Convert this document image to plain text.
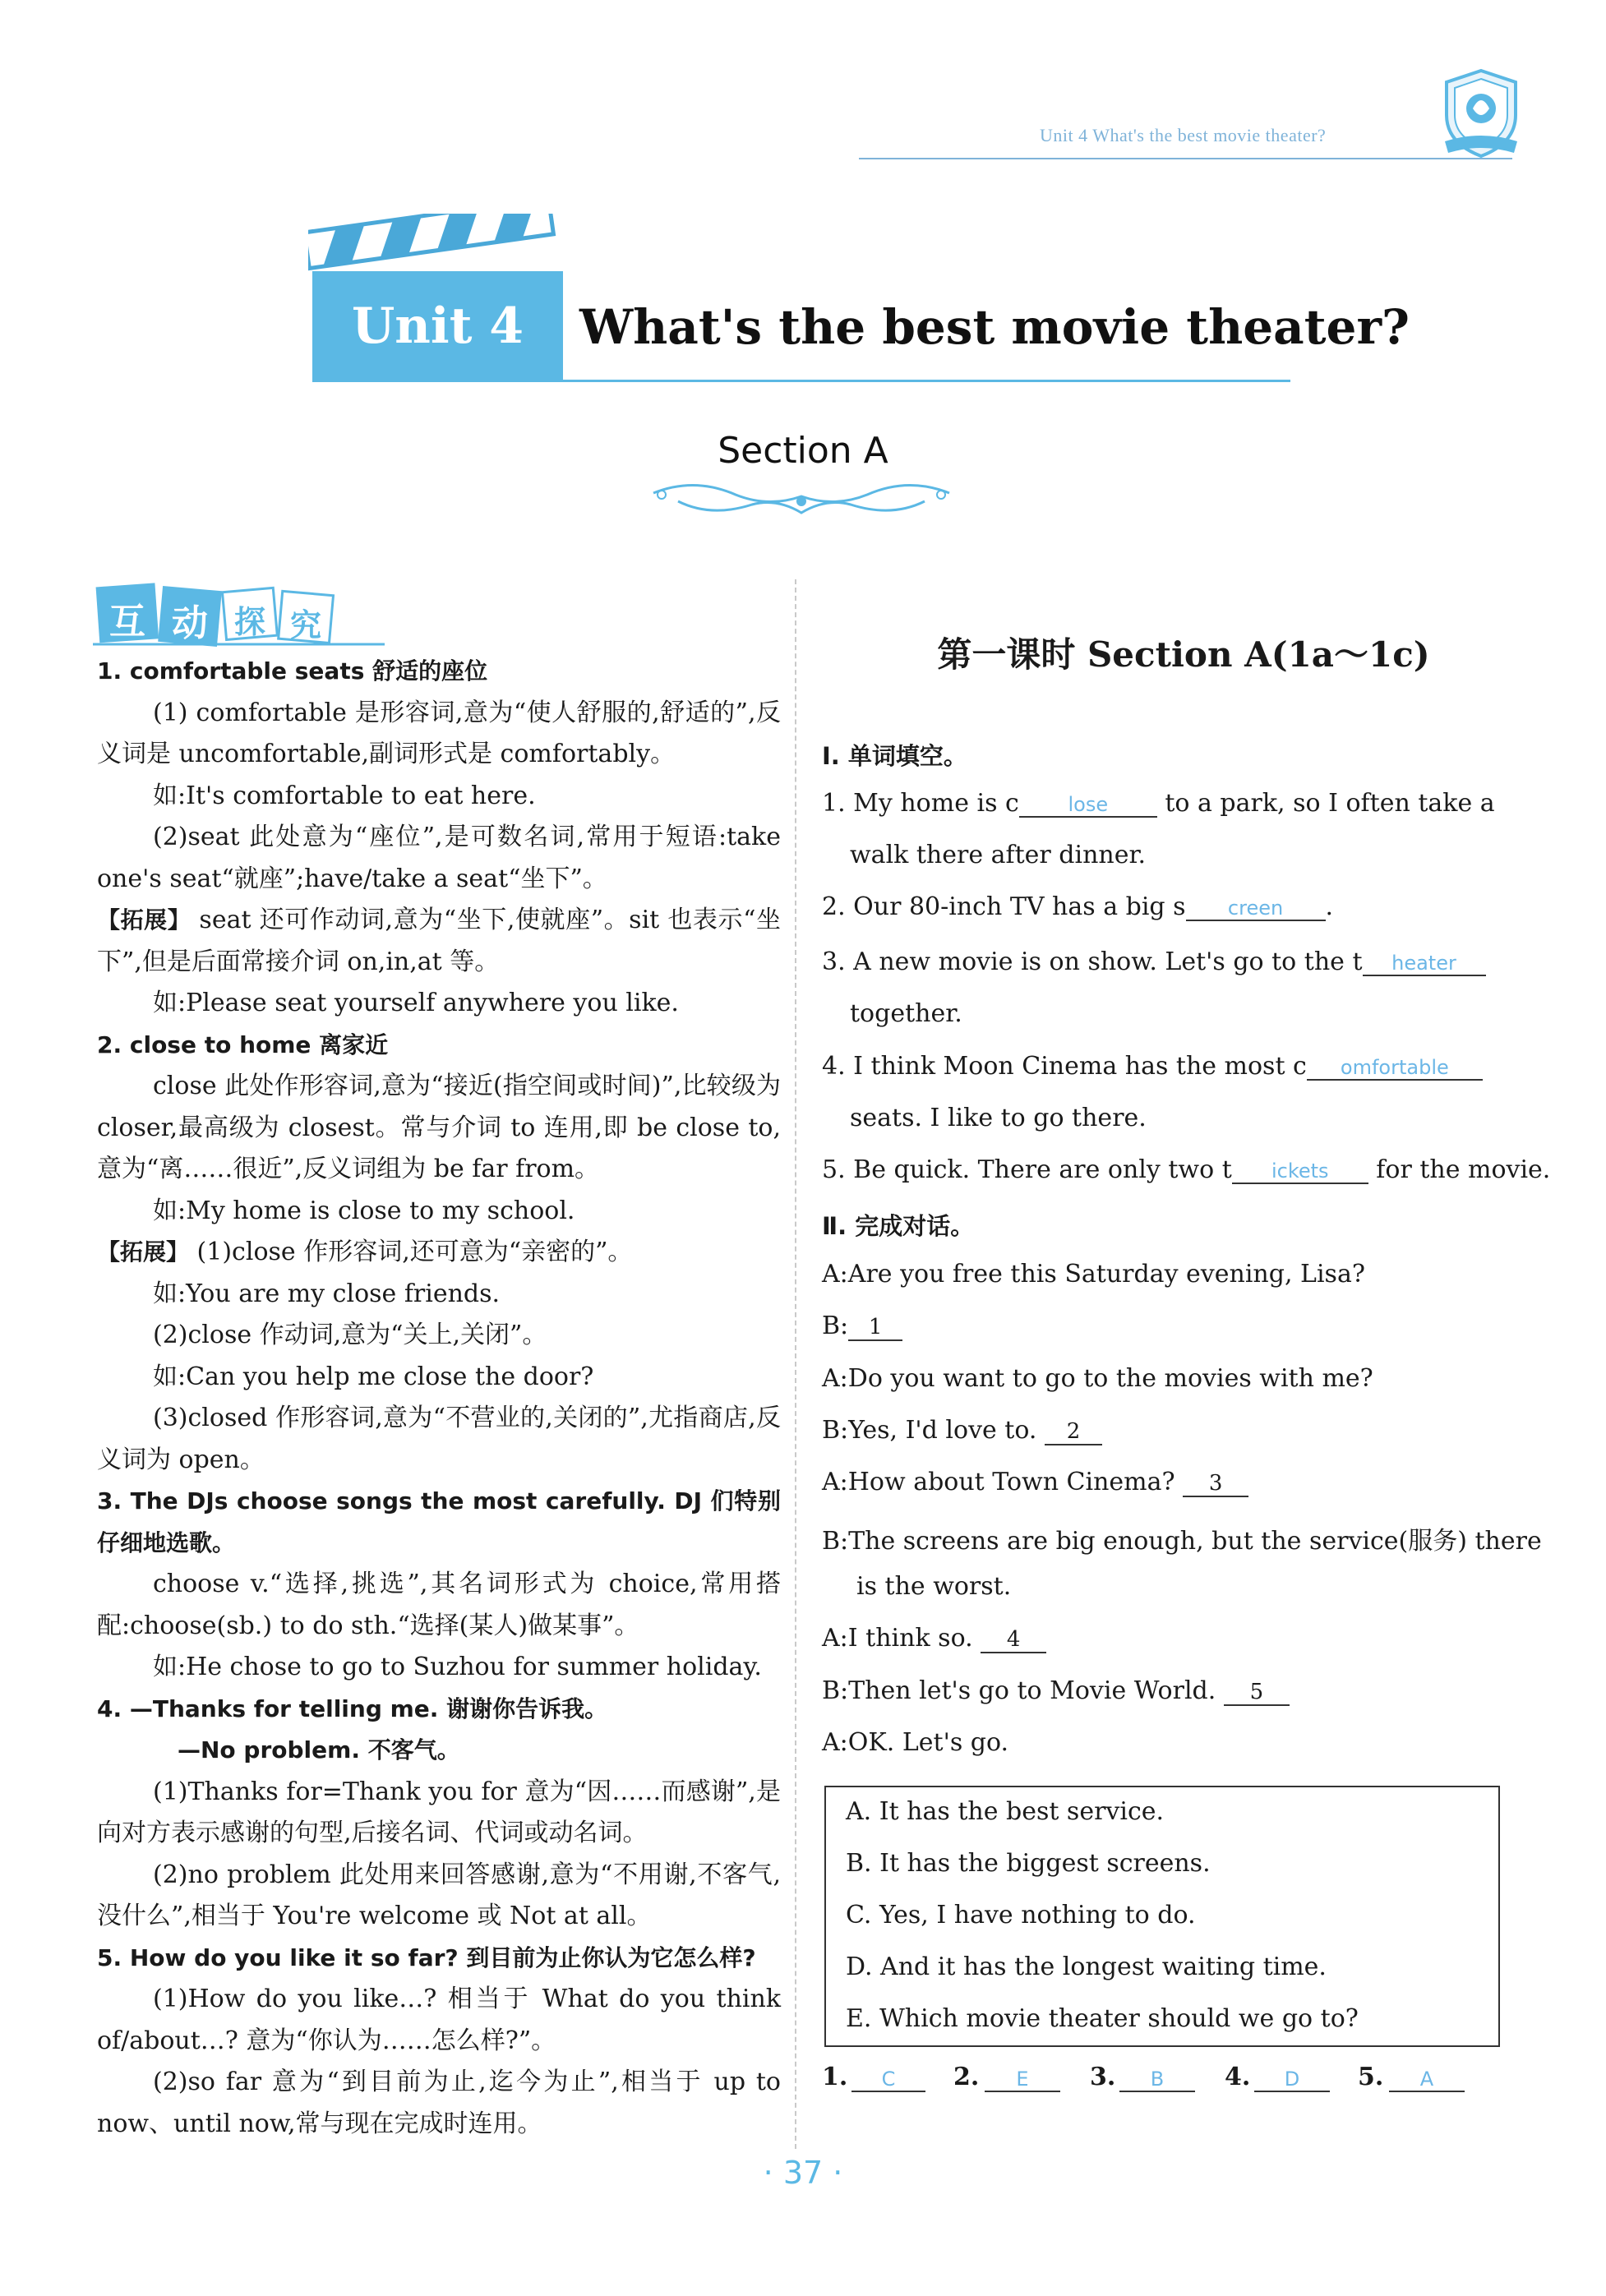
Unit 4 What's the best movie theater?
Unit 4	What's the best movie theater?
Section A
互 动 探 究

1. comfortable seats 舒适的座位

(1) comfortable 是形容词,意为“使人舒服的,舒适的”,反义词是 uncomfortable,副词形式是 comfortably。

如:It's comfortable to eat here.

(2)seat 此处意为“座位”,是可数名词,常用于短语:take one's seat“就座”;have/take a seat“坐下”。

【拓展】 seat 还可作动词,意为“坐下,使就座”。sit 也表示“坐下”,但是后面常接介词 on,in,at 等。

如:Please seat yourself anywhere you like.

2. close to home 离家近

close 此处作形容词,意为“接近(指空间或时间)”,比较级为 closer,最高级为 closest。常与介词 to 连用,即 be close to,意为“离……很近”,反义词组为 be far from。

如:My home is close to my school.

【拓展】 (1)close 作形容词,还可意为“亲密的”。

如:You are my close friends.

(2)close 作动词,意为“关上,关闭”。

如:Can you help me close the door?

(3)closed 作形容词,意为“不营业的,关闭的”,尤指商店,反义词为 open。

3. The DJs choose songs the most carefully. DJ 们特别仔细地选歌。

choose v.“选择,挑选”,其名词形式为 choice,常用搭配:choose(sb.) to do sth.“选择(某人)做某事”。

如:He chose to go to Suzhou for summer holiday.

4. —Thanks for telling me. 谢谢你告诉我。

—No problem. 不客气。

(1)Thanks for=Thank you for 意为“因……而感谢”,是向对方表示感谢的句型,后接名词、代词或动名词。

(2)no problem 此处用来回答感谢,意为“不用谢,不客气,没什么”,相当于 You're welcome 或 Not at all。

5. How do you like it so far? 到目前为止你认为它怎么样?

(1)How do you like…? 相当于 What do you think of/about…? 意为“你认为……怎么样?”。

(2)so far 意为“到目前为止,迄今为止”,相当于 up to now、until now,常与现在完成时连用。

第一课时 Section A(1a～1c)
Ⅰ. 单词填空。
1. My home is c lose to a park, so I often take a
walk there after dinner.
2. Our 80-inch TV has a big s creen .
3. A new movie is on show. Let's go to the t heater
together.
4. I think Moon Cinema has the most c omfortable
seats. I like to go there.
5. Be quick. There are only two t ickets for the movie.
Ⅱ. 完成对话。
A:Are you free this Saturday evening, Lisa?
B: 1
A:Do you want to go to the movies with me?
B:Yes, I'd love to. 2
A:How about Town Cinema? 3
B:The screens are big enough, but the service(服务) there
is the worst.
A:I think so. 4
B:Then let's go to Movie World. 5
A:OK. Let's go.
A. It has the best service.
B. It has the biggest screens.
C. Yes, I have nothing to do.
D. And it has the longest waiting time.
E. Which movie theater should we go to?
1.	C	2.	E	3.	B	4.	D	5.	A
· 37 ·
